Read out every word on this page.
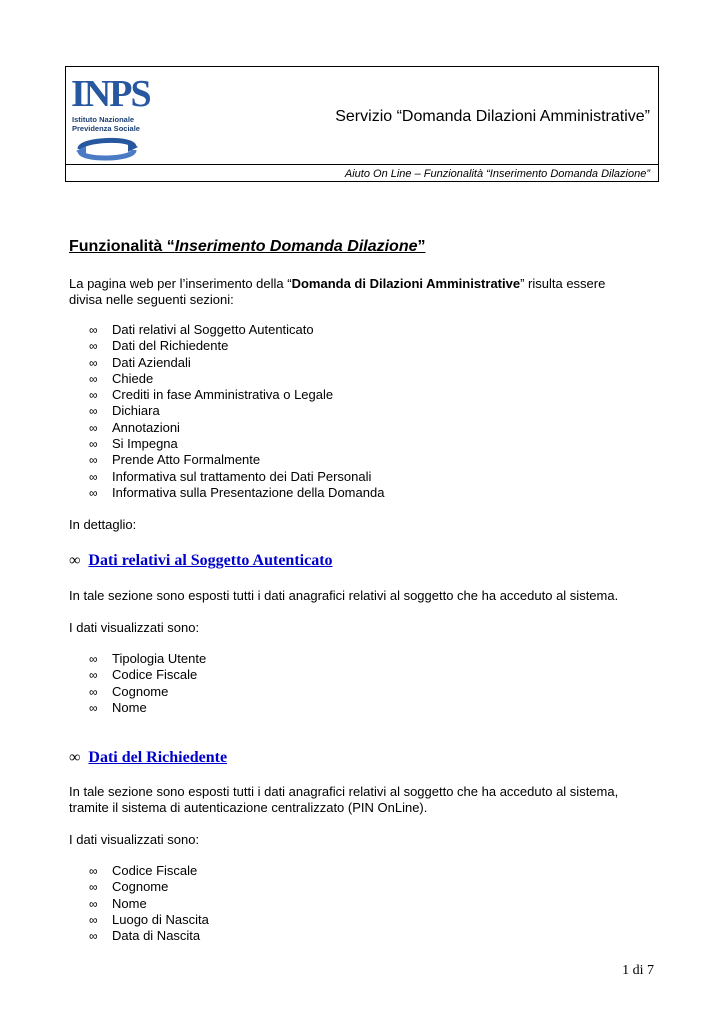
INPS
Istituto Nazionale
Previdenza Sociale
Servizio “Domanda Dilazioni Amministrative”
Aiuto On Line – Funzionalità “Inserimento Domanda Dilazione”
Funzionalità “Inserimento Domanda Dilazione”
La pagina web per l’inserimento della “Domanda di Dilazioni Amministrative” risulta essere
divisa nelle seguenti sezioni:
∞ Dati relativi al Soggetto Autenticato
∞ Dati del Richiedente
∞ Dati Aziendali
∞ Chiede
∞ Crediti in fase Amministrativa o Legale
∞ Dichiara
∞ Annotazioni
∞ Si Impegna
∞ Prende Atto Formalmente
∞ Informativa sul trattamento dei Dati Personali
∞ Informativa sulla Presentazione della Domanda
In dettaglio:
∞ Dati relativi al Soggetto Autenticato
In tale sezione sono esposti tutti i dati anagrafici relativi al soggetto che ha acceduto al sistema.
I dati visualizzati sono:
∞ Tipologia Utente
∞ Codice Fiscale
∞ Cognome
∞ Nome
∞ Dati del Richiedente
In tale sezione sono esposti tutti i dati anagrafici relativi al soggetto che ha acceduto al sistema,
tramite il sistema di autenticazione centralizzato (PIN OnLine).
I dati visualizzati sono:
∞ Codice Fiscale
∞ Cognome
∞ Nome
∞ Luogo di Nascita
∞ Data di Nascita
1 di 7
